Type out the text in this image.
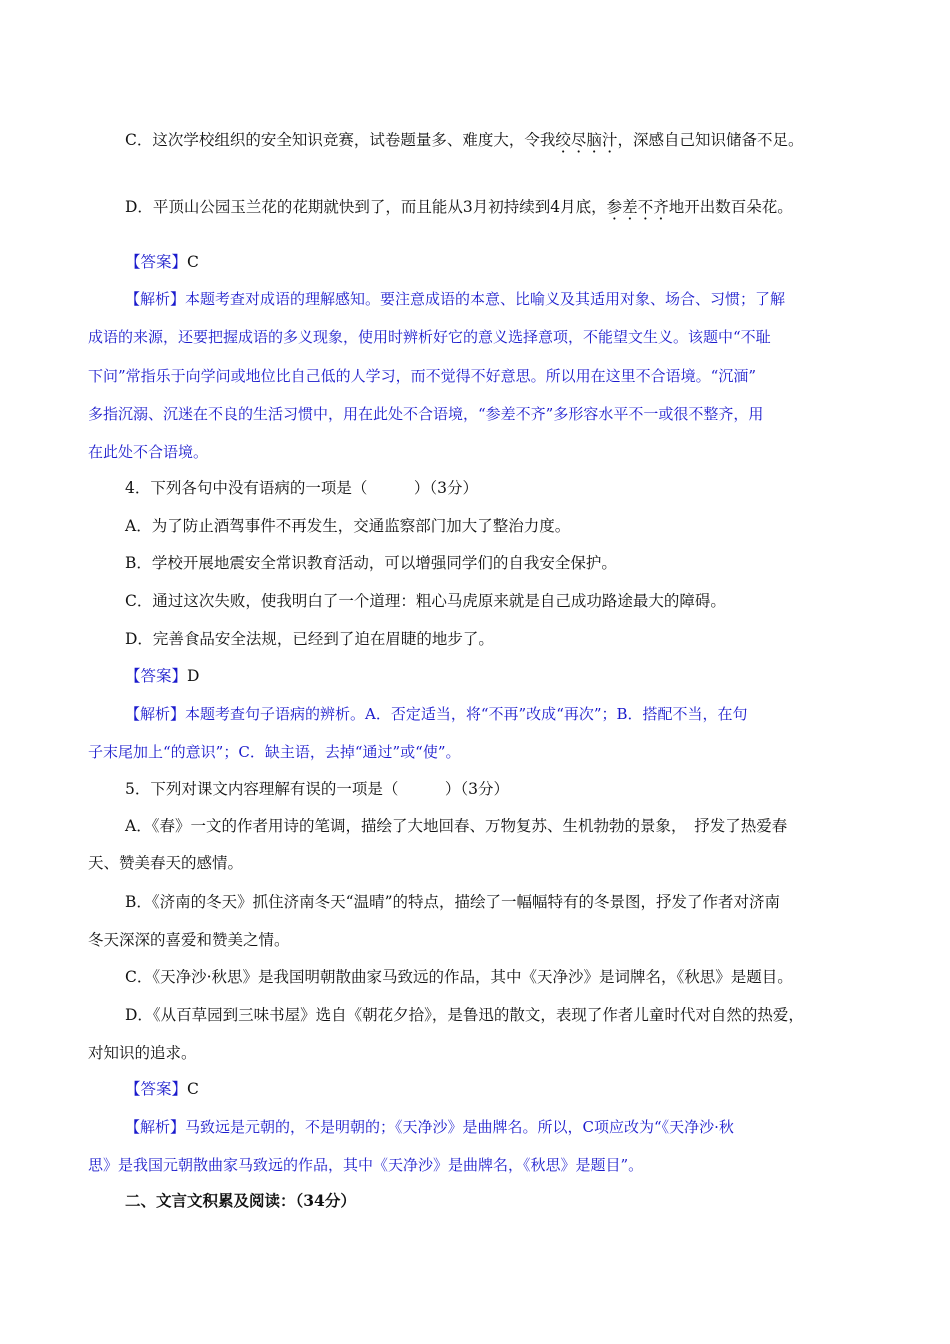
C．这次学校组织的安全知识竞赛，试卷题量多、难度大，令我绞尽脑汁，深感自己知识储备不足。
D．平顶山公园玉兰花的花期就快到了，而且能从3月初持续到4月底，参差不齐地开出数百朵花。
【答案】C
【解析】本题考查对成语的理解感知。要注意成语的本意、比喻义及其适用对象、场合、习惯；了解
成语的来源，还要把握成语的多义现象，使用时辨析好它的意义选择意项，不能望文生义。该题中“不耻
下问”常指乐于向学问或地位比自己低的人学习，而不觉得不好意思。所以用在这里不合语境。“沉湎”
多指沉溺、沉迷在不良的生活习惯中，用在此处不合语境，“参差不齐”多形容水平不一或很不整齐，用
在此处不合语境。
4．下列各句中没有语病的一项是（　　　）（3分）
A．为了防止酒驾事件不再发生，交通监察部门加大了整治力度。
B．学校开展地震安全常识教育活动，可以增强同学们的自我安全保护。
C．通过这次失败，使我明白了一个道理：粗心马虎原来就是自己成功路途最大的障碍。
D．完善食品安全法规，已经到了迫在眉睫的地步了。
【答案】D
【解析】本题考查句子语病的辨析。A．否定适当，将“不再”改成“再次”；B．搭配不当，在句
子末尾加上“的意识”；C．缺主语，去掉“通过”或“使”。
5．下列对课文内容理解有误的一项是（　　　）（3分）
A．《春》一文的作者用诗的笔调，描绘了大地回春、万物复苏、生机勃勃的景象，　抒发了热爱春
天、赞美春天的感情。
B．《济南的冬天》抓住济南冬天“温晴”的特点，描绘了一幅幅特有的冬景图，抒发了作者对济南
冬天深深的喜爱和赞美之情。
C．《天净沙·秋思》是我国明朝散曲家马致远的作品，其中《天净沙》是词牌名，《秋思》是题目。
D．《从百草园到三味书屋》选自《朝花夕拾》，是鲁迅的散文，表现了作者儿童时代对自然的热爱，
对知识的追求。
【答案】C
【解析】马致远是元朝的，不是明朝的；《天净沙》是曲牌名。所以，C项应改为“《天净沙·秋
思》是我国元朝散曲家马致远的作品，其中《天净沙》是曲牌名，《秋思》是题目”。
二、文言文积累及阅读：（34分）
